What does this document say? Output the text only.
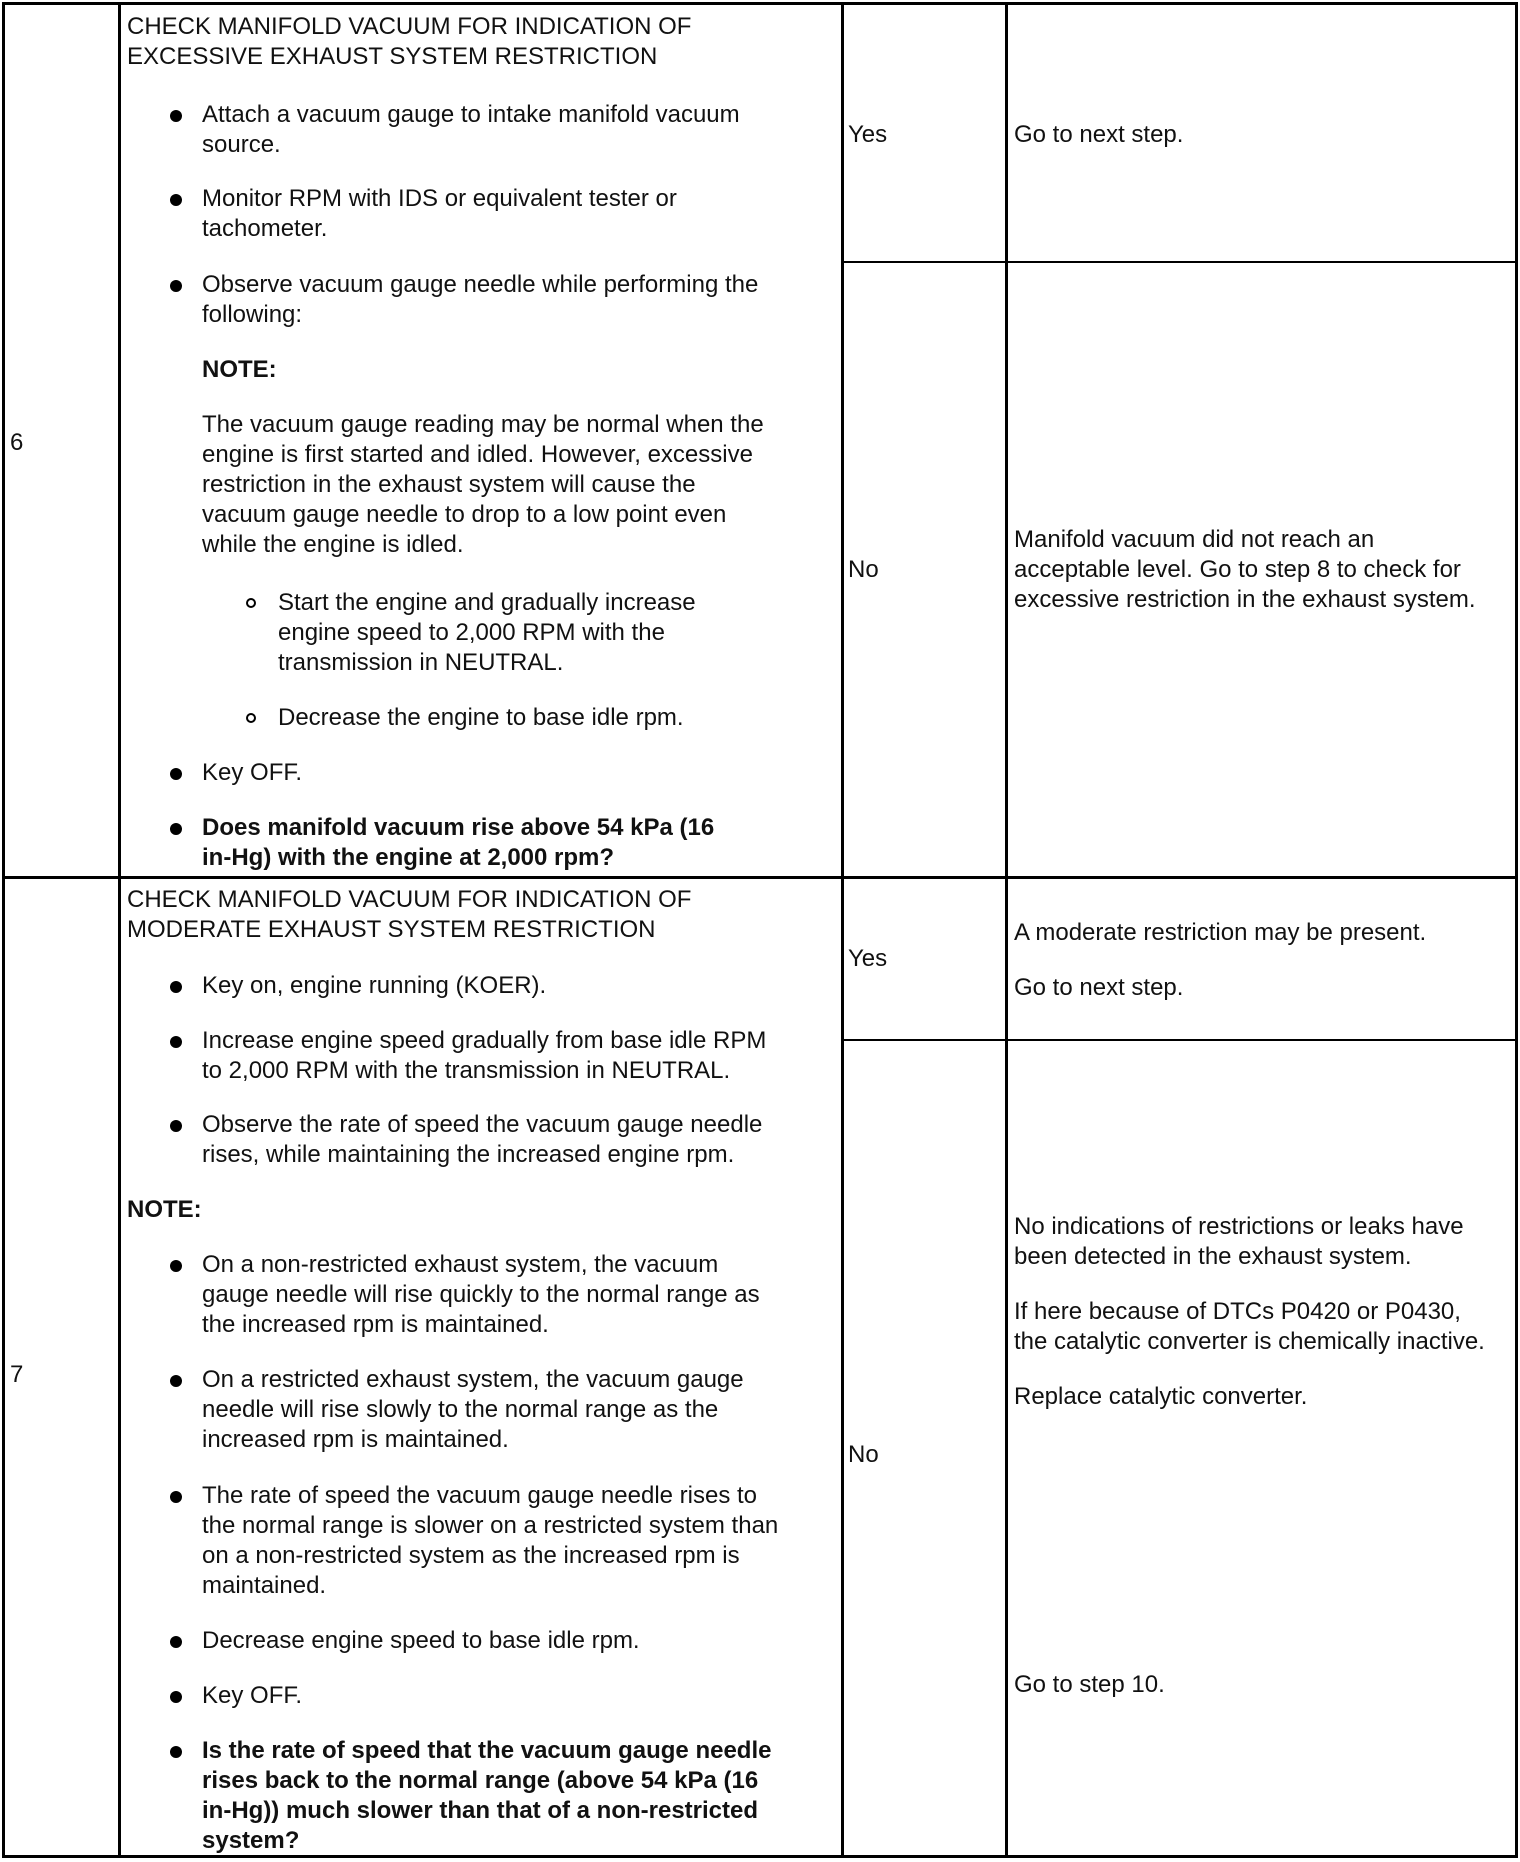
6
CHECK MANIFOLD VACUUM FOR INDICATION OF
EXCESSIVE EXHAUST SYSTEM RESTRICTION
Attach a vacuum gauge to intake manifold vacuum
source.
Monitor RPM with IDS or equivalent tester or
tachometer.
Observe vacuum gauge needle while performing the
following:
NOTE:
The vacuum gauge reading may be normal when the
engine is first started and idled. However, excessive
restriction in the exhaust system will cause the
vacuum gauge needle to drop to a low point even
while the engine is idled.
Start the engine and gradually increase
engine speed to 2,000 RPM with the
transmission in NEUTRAL.
Decrease the engine to base idle rpm.
Key OFF.
Does manifold vacuum rise above 54 kPa (16
in-Hg) with the engine at 2,000 rpm?
Yes	Go to next step.
No
Manifold vacuum did not reach an
acceptable level. Go to step 8 to check for
excessive restriction in the exhaust system.
7
CHECK MANIFOLD VACUUM FOR INDICATION OF
MODERATE EXHAUST SYSTEM RESTRICTION
Key on, engine running (KOER).
Increase engine speed gradually from base idle RPM
to 2,000 RPM with the transmission in NEUTRAL.
Observe the rate of speed the vacuum gauge needle
rises, while maintaining the increased engine rpm.
NOTE:
On a non-restricted exhaust system, the vacuum
gauge needle will rise quickly to the normal range as
the increased rpm is maintained.
On a restricted exhaust system, the vacuum gauge
needle will rise slowly to the normal range as the
increased rpm is maintained.
The rate of speed the vacuum gauge needle rises to
the normal range is slower on a restricted system than
on a non-restricted system as the increased rpm is
maintained.
Decrease engine speed to base idle rpm.
Key OFF.
Is the rate of speed that the vacuum gauge needle
rises back to the normal range (above 54 kPa (16
in-Hg)) much slower than that of a non-restricted
system?
Yes
A moderate restriction may be present.
Go to next step.
No
No indications of restrictions or leaks have
been detected in the exhaust system.
If here because of DTCs P0420 or P0430,
the catalytic converter is chemically inactive.
Replace catalytic converter.
Go to step 10.
